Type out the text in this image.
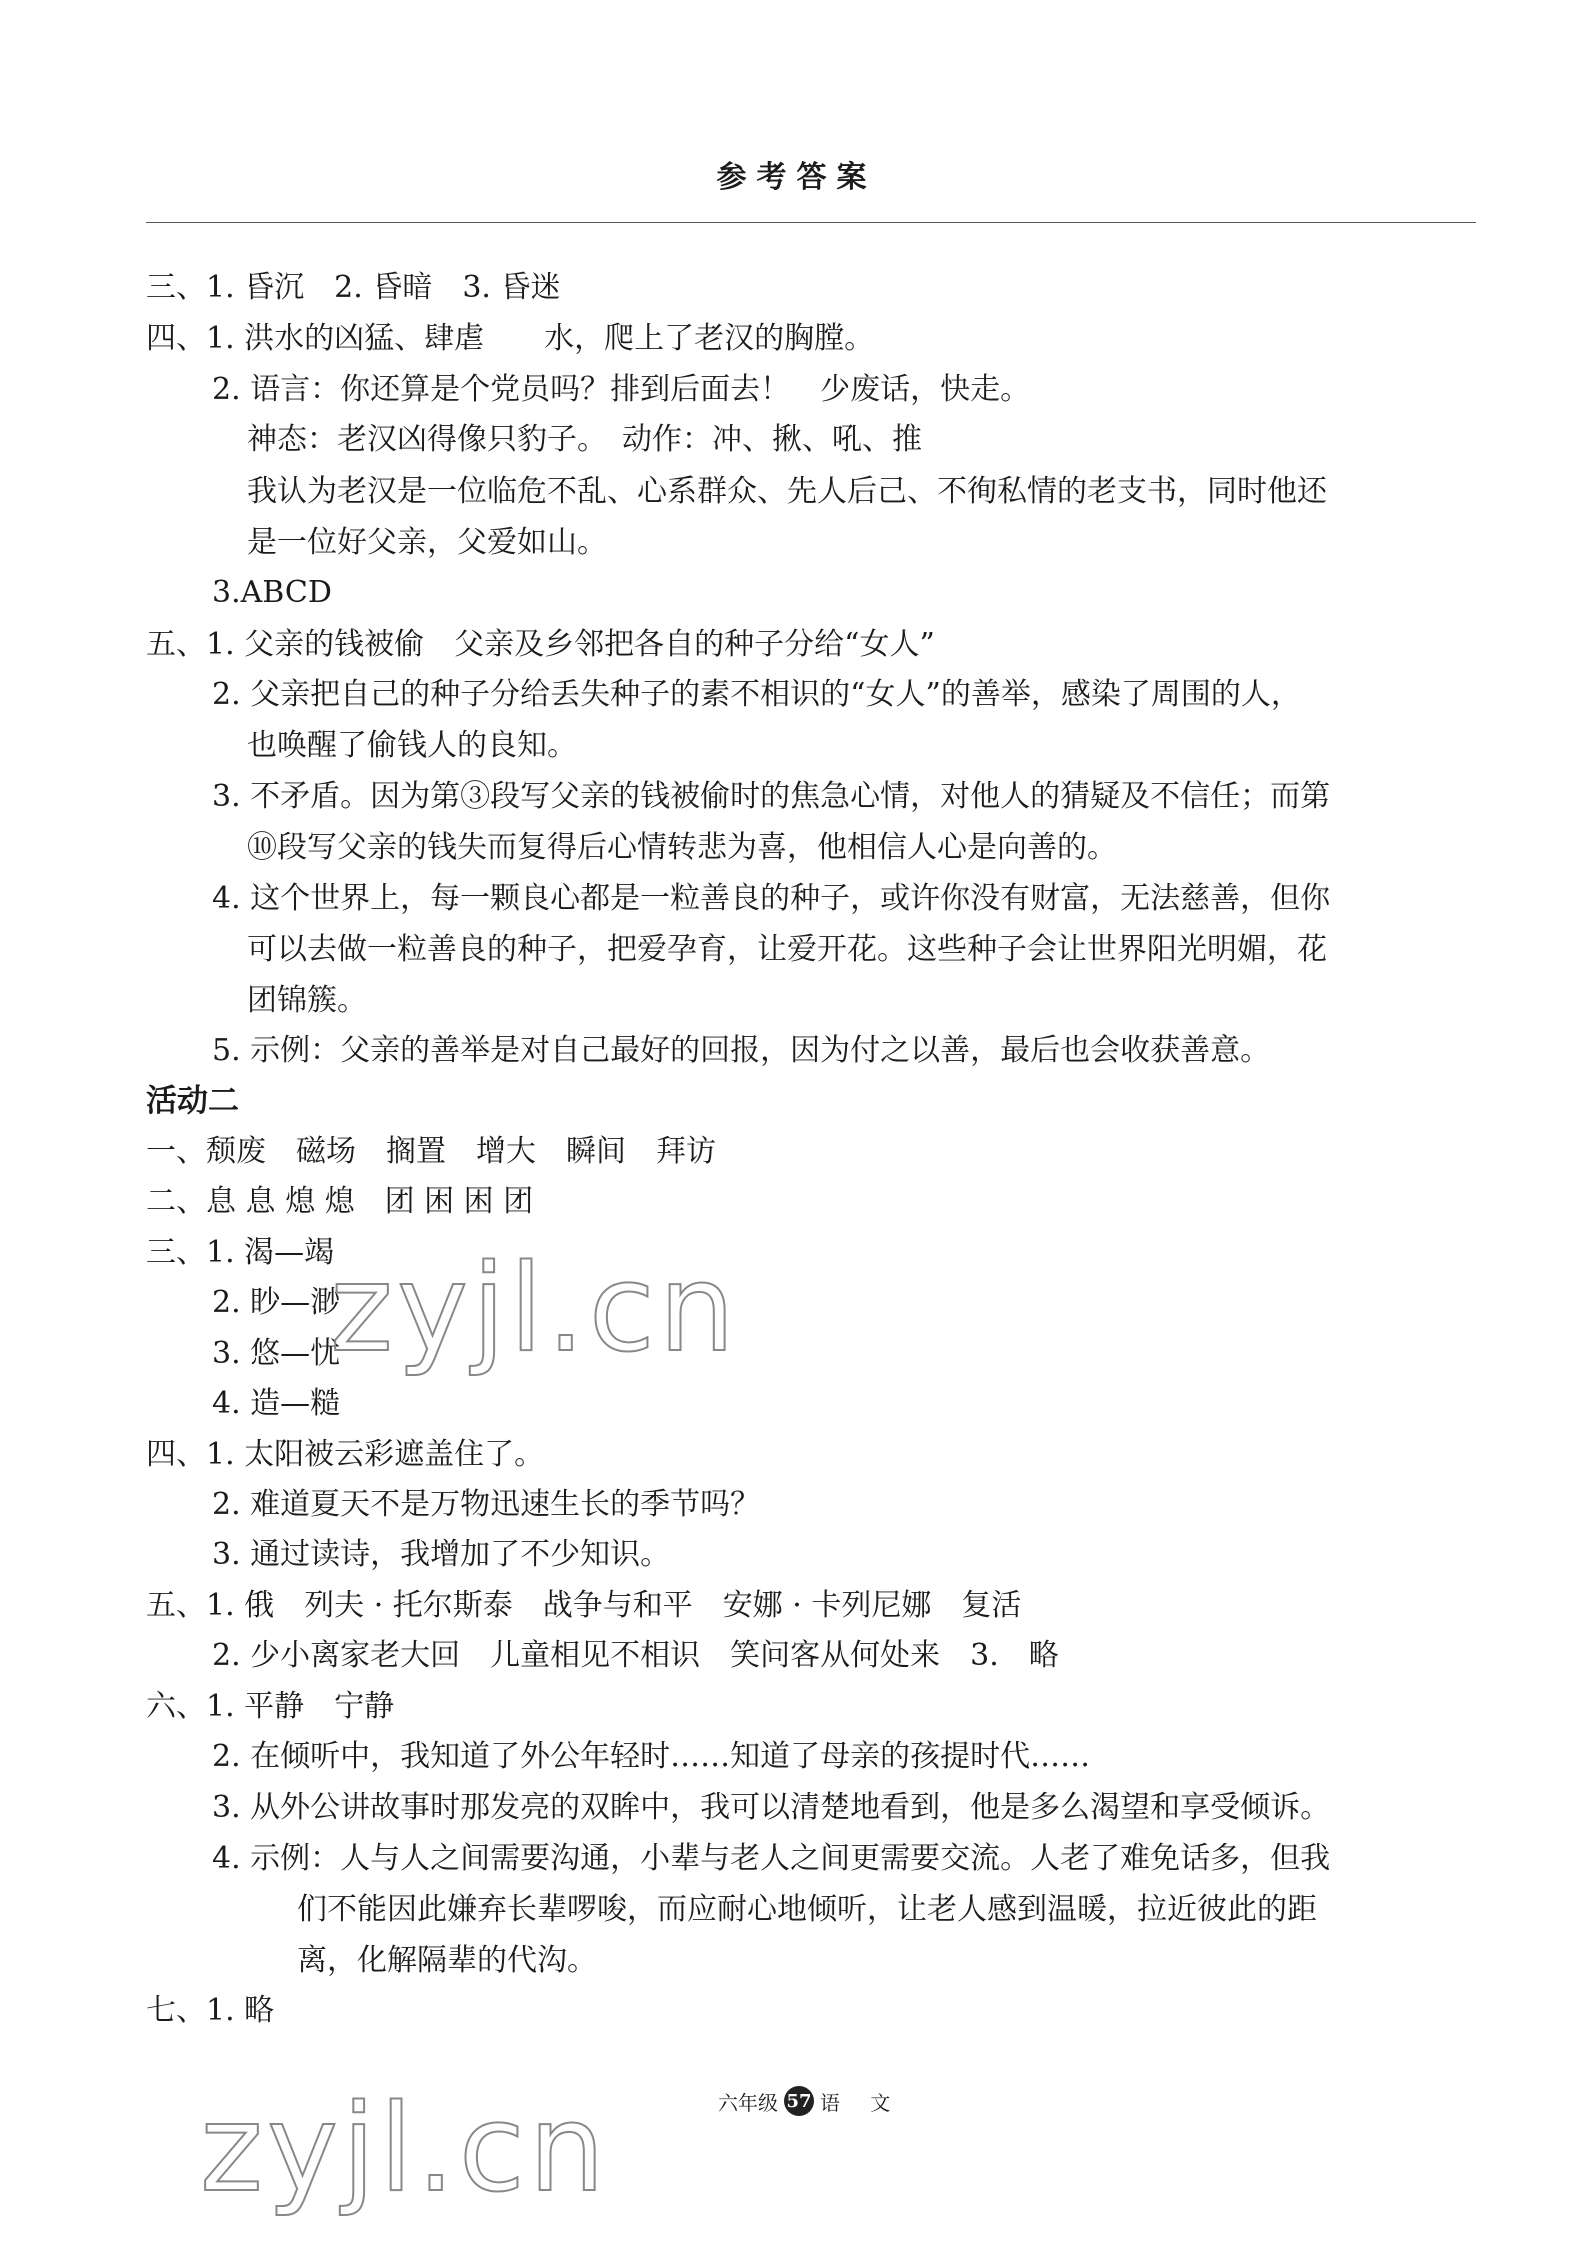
参考答案
三、1. 昏沉　2. 昏暗　3. 昏迷
四、1. 洪水的凶猛、肆虐　　水，爬上了老汉的胸膛。
2. 语言：你还算是个党员吗？排到后面去！　少废话，快走。
神态：老汉凶得像只豹子。　动作：冲、揪、吼、推
我认为老汉是一位临危不乱、心系群众、先人后己、不徇私情的老支书，同时他还
是一位好父亲，父爱如山。
3.ABCD
五、1. 父亲的钱被偷　父亲及乡邻把各自的种子分给“女人”
2. 父亲把自己的种子分给丢失种子的素不相识的“女人”的善举，感染了周围的人，
也唤醒了偷钱人的良知。
3. 不矛盾。因为第③段写父亲的钱被偷时的焦急心情，对他人的猜疑及不信任；而第
⑩段写父亲的钱失而复得后心情转悲为喜，他相信人心是向善的。
4. 这个世界上，每一颗良心都是一粒善良的种子，或许你没有财富，无法慈善，但你
可以去做一粒善良的种子，把爱孕育，让爱开花。这些种子会让世界阳光明媚，花
团锦簇。
5. 示例：父亲的善举是对自己最好的回报，因为付之以善，最后也会收获善意。
活动二
一、颓废　磁场　搁置　增大　瞬间　拜访
二、息 息 熄 熄　团 困 困 团
三、1. 渴—竭
2. 眇—渺
3. 悠—忧
4. 造—糙
四、1. 太阳被云彩遮盖住了。
2. 难道夏天不是万物迅速生长的季节吗？
3. 通过读诗，我增加了不少知识。
五、1. 俄　列夫 · 托尔斯泰　战争与和平　安娜 · 卡列尼娜　复活
2. 少小离家老大回　儿童相见不相识　笑问客从何处来　3.　略
六、1. 平静　宁静
2. 在倾听中，我知道了外公年轻时……知道了母亲的孩提时代……
3. 从外公讲故事时那发亮的双眸中，我可以清楚地看到，他是多么渴望和享受倾诉。
4. 示例：人与人之间需要沟通，小辈与老人之间更需要交流。人老了难免话多，但我
们不能因此嫌弃长辈啰唆，而应耐心地倾听，让老人感到温暖，拉近彼此的距
离，化解隔辈的代沟。
七、1. 略
zyjl.cn
zyjl.cn	六年级 57 语 文
